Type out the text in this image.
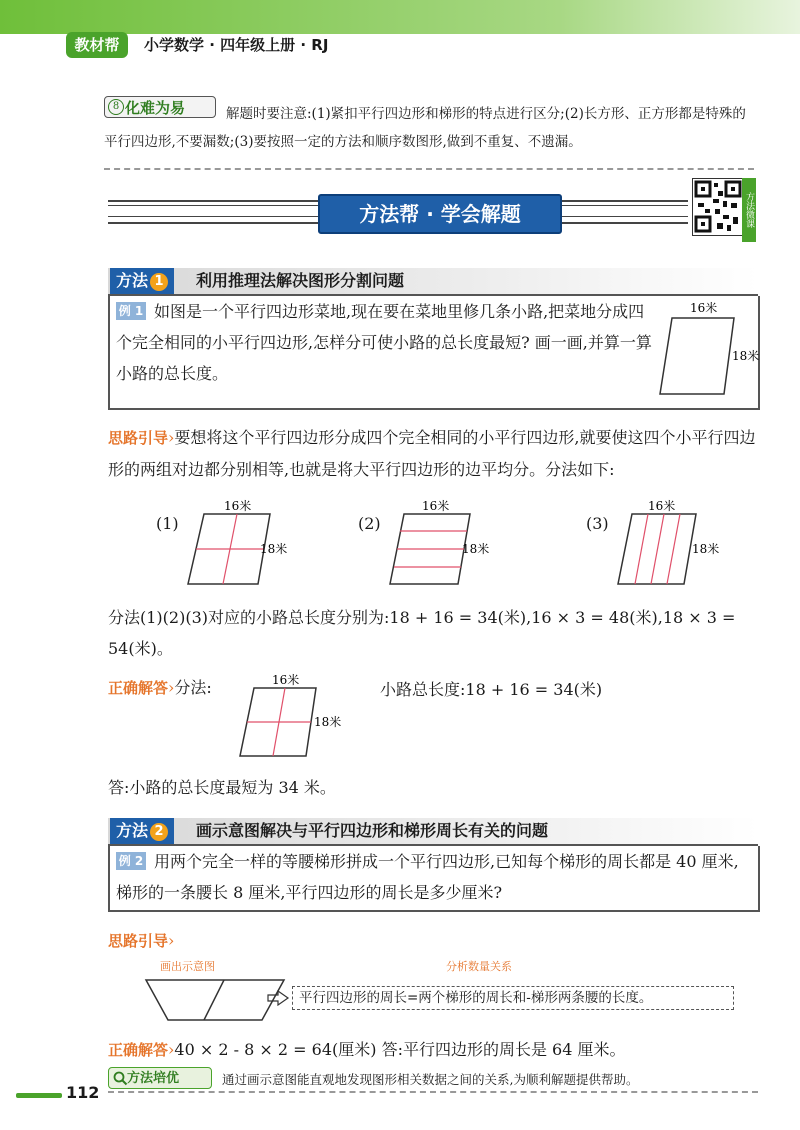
教材帮	小学数学 · 四年级上册 · RJ
解题时要注意:(1)紧扣平行四边形和梯形的特点进行区分;(2)长方形、正方形都是特殊的平行四边形,不要漏数;(3)要按照一定的方法和顺序数图形,做到不重复、不遗漏。
化难为易
8
方法帮 · 学会解题	方法微课
方法 1	利用推理法解决图形分割问题
例 1 如图是一个平行四边形菜地,现在要在菜地里修几条小路,把菜地分成四个完全相同的小平行四边形,怎样分可使小路的总长度最短? 画一画,并算一算小路的总长度。
16米
18米
思路引导›要想将这个平行四边形分成四个完全相同的小平行四边形,就要使这四个小平行四边形的两组对边都分别相等,也就是将大平行四边形的边平均分。分法如下:
(1)
16米
18米
(2)
16米
18米
(3)
16米
18米
分法(1)(2)(3)对应的小路总长度分别为:18 + 16 = 34(米),16 × 3 = 48(米),18 × 3 = 54(米)。
正确解答›分法:	16米
18米
小路总长度:18 + 16 = 34(米)
答:小路的总长度最短为 34 米。
方法 2	画示意图解决与平行四边形和梯形周长有关的问题
例 2 用两个完全一样的等腰梯形拼成一个平行四边形,已知每个梯形的周长都是 40 厘米,梯形的一条腰长 8 厘米,平行四边形的周长是多少厘米?
思路引导›
画出示意图	分析数量关系
平行四边形的周长=两个梯形的周长和-梯形两条腰的长度。
正确解答›40 × 2 - 8 × 2 = 64(厘米) 答:平行四边形的周长是 64 厘米。
方法培优	通过画示意图能直观地发现图形相关数据之间的关系,为顺利解题提供帮助。
112
